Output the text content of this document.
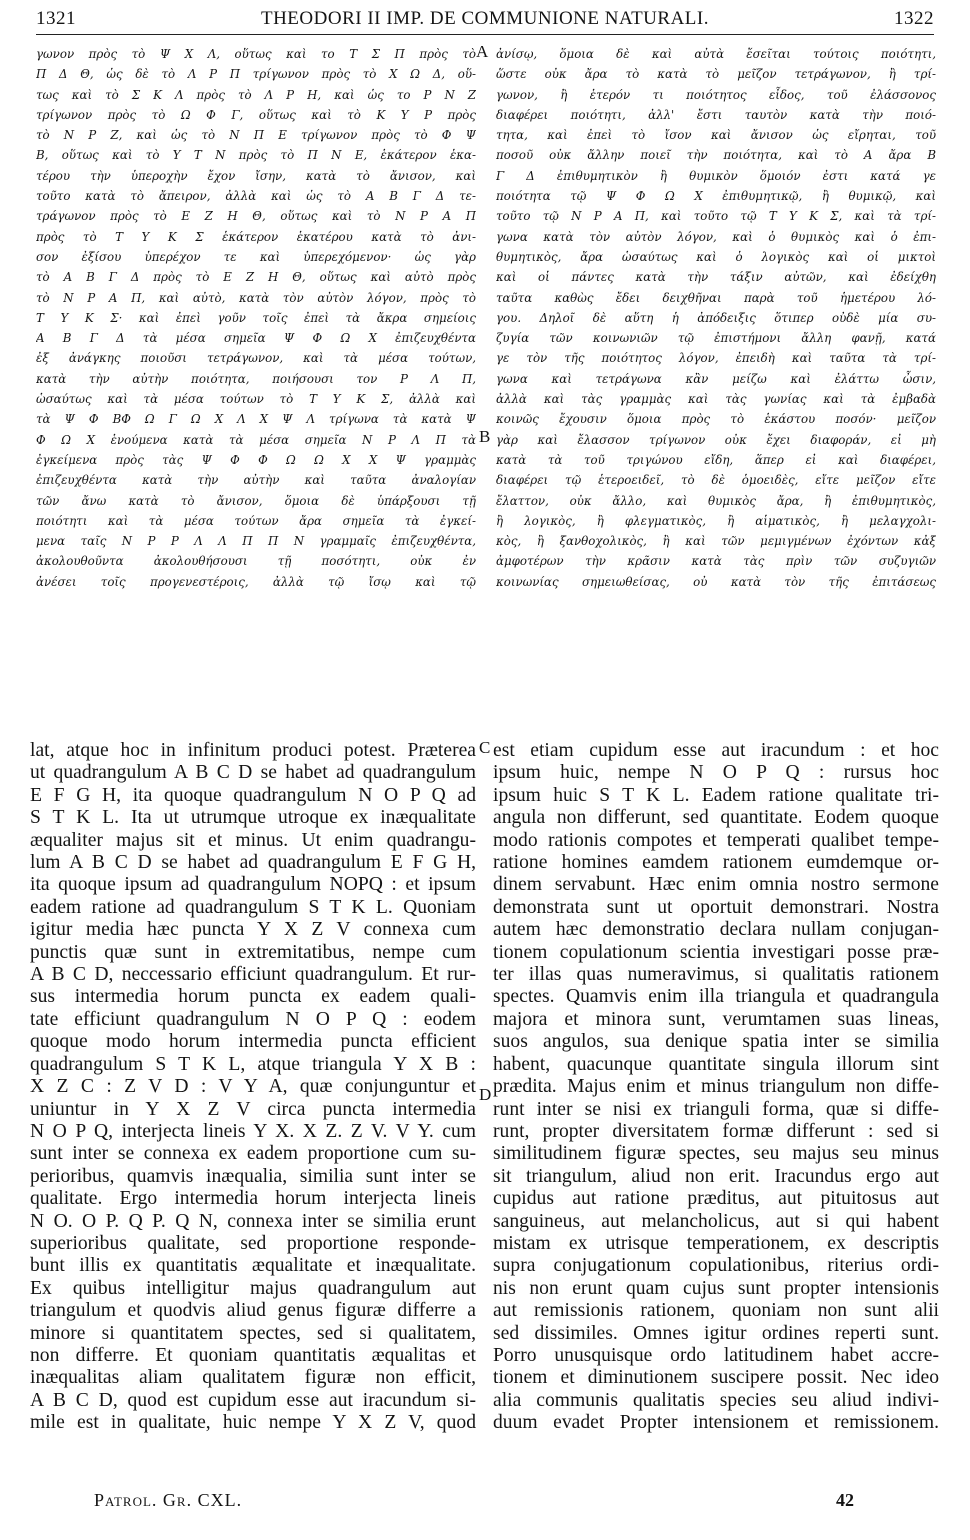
1321	THEODORI II IMP. DE COMMUNIONE NATURALI.	1322
γωνον πρὸς τὸ Ψ Χ Λ, οὕτως καὶ το Τ Σ Π πρὸς τὸ
Π Δ Θ, ὡς δὲ τὸ Λ Ρ Π τρίγωνον πρὸς τὸ Χ Ω Δ, οὕ-
τως καὶ τὸ Σ Κ Λ πρὸς τὸ Λ Ρ Η, καὶ ὡς το Ρ Ν Ζ
τρίγωνον πρὸς τὸ Ω Φ Γ, οὕτως καὶ τὸ Κ Υ Ρ πρὸς
τὸ Ν Ρ Ζ, καὶ ὡς τὸ Ν Π Ε τρίγωνον πρὸς τὸ Φ Ψ
Β, οὕτως καὶ τὸ Υ Τ Ν πρὸς τὸ Π Ν Ε, ἑκάτερον ἑκα-
τέρου τὴν ὑπεροχὴν ἔχον ἴσην, κατὰ τὸ ἄνισον, καὶ
τοῦτο κατὰ τὸ ἄπειρον, ἀλλὰ καὶ ὡς τὸ Α Β Γ Δ τε-
τράγωνον πρὸς τὸ Ε Ζ Η Θ, οὕτως καὶ τὸ Ν Ρ Α Π
πρὸς τὸ Τ Υ Κ Σ ἑκάτερον ἑκατέρου κατὰ τὸ ἀνι-
σον ἐξίσου ὑπερέχον τε καὶ ὑπερεχόμενον· ὡς γὰρ
τὸ Α Β Γ Δ πρὸς τὸ Ε Ζ Η Θ, οὕτως καὶ αὐτὸ πρὸς
τὸ Ν Ρ Α Π, καὶ αὐτὸ, κατὰ τὸν αὐτὸν λόγον, πρὸς τὸ
Τ Υ Κ Σ· καὶ ἐπεὶ γοῦν τοῖς ἐπεὶ τὰ ἄκρα σημείοις
Α Β Γ Δ τὰ μέσα σημεῖα Ψ Φ Ω Χ ἐπιζευχθέντα
ἐξ ἀνάγκης ποιοῦσι τετράγωνον, καὶ τὰ μέσα τούτων,
κατὰ τὴν αὐτὴν ποιότητα, ποιήσουσι τον Ρ Λ Π,
ὡσαύτως καὶ τὰ μέσα τούτων τὸ Τ Υ Κ Σ, ἀλλὰ καὶ
τὰ Ψ Φ ΒΦ Ω Γ Ω Χ Λ Χ Ψ Λ τρίγωνα τὰ κατὰ Ψ
Φ Ω Χ ἑνούμενα κατὰ τὰ μέσα σημεῖα Ν Ρ Λ Π τὰ
ἐγκείμενα πρὸς τὰς Ψ Φ Φ Ω Ω Χ Χ Ψ γραμμὰς
ἐπιζευχθέντα κατὰ τὴν αὐτὴν καὶ ταῦτα ἀναλογίαν
τῶν ἄνω κατὰ τὸ ἄνισον, ὅμοια δὲ ὑπάρξουσι τῇ
ποιότητι καὶ τὰ μέσα τούτων ἄρα σημεῖα τὰ ἐγκεί-
μενα ταῖς Ν Ρ Ρ Λ Λ Π Π Ν γραμμαῖς ἐπιζευχθέντα,
ἀκολουθοῦντα ἀκολουθήσουσι τῇ ποσότητι, οὐκ ἐν
ἀνέσει τοῖς προγενεστέροις, ἀλλὰ τῷ ἴσῳ καὶ τῷ
ἀνίσῳ, ὅμοια δὲ καὶ αὐτὰ ἔσεῖται τούτοις ποιότητι,
ὥστε οὐκ ἄρα τὸ κατὰ τὸ μεῖζον τετράγωνον, ἢ τρί-
γωνον, ἢ ἑτερόν τι ποιότητος εἶδος, τοῦ ἐλάσσονος
διαφέρει ποιότητι, ἀλλ' ἔστι ταυτὸν κατὰ τὴν ποιό-
τητα, καὶ ἐπεὶ τὸ ἴσον καὶ ἄνισον ὡς εἴρηται, τοῦ
ποσοῦ οὐκ ἄλλην ποιεῖ τὴν ποιότητα, καὶ τὸ Α ἄρα Β
Γ Δ ἐπιθυμητικὸν ἢ θυμικὸν ὅμοιόν ἐστι κατά γε
ποιότητα τῷ Ψ Φ Ω Χ ἐπιθυμητικῷ, ἢ θυμικῷ, καὶ
τοῦτο τῷ Ν Ρ Α Π, καὶ τοῦτο τῷ Τ Υ Κ Σ, καὶ τὰ τρί-
γωνα κατὰ τὸν αὐτὸν λόγον, καὶ ὁ θυμικὸς καὶ ὁ ἐπι-
θυμητικὸς, ἄρα ὡσαύτως καὶ ὁ λογικὸς καὶ οἱ μικτοὶ
καὶ οἱ πάντες κατὰ τὴν τάξιν αὐτῶν, καὶ ἐδείχθη
ταῦτα καθὼς ἔδει δειχθῆναι παρὰ τοῦ ἡμετέρου λό-
γου. Δηλοῖ δὲ αὕτη ἡ ἀπόδειξις ὅτιπερ οὐδὲ μία συ-
ζυγία τῶν κοινωνιῶν τῷ ἐπιστήμονι ἄλλη φανῇ, κατά
γε τὸν τῆς ποιότητος λόγον, ἐπειδὴ καὶ ταῦτα τὰ τρί-
γωνα καὶ τετράγωνα κἂν μείζω καὶ ἐλάττω ὦσιν,
ἀλλὰ καὶ τὰς γραμμὰς καὶ τὰς γωνίας καὶ τὰ ἐμβαδὰ
κοινῶς ἔχουσιν ὅμοια πρὸς τὸ ἑκάστου ποσόν· μεῖζον
γὰρ καὶ ἔλασσον τρίγωνον οὐκ ἔχει διαφοράν, εἰ μὴ
κατὰ τὰ τοῦ τριγώνου εἴδη, ἅπερ εἰ καὶ διαφέρει,
διαφέρει τῷ ἑτεροειδεῖ, τὸ δὲ ὁμοειδὲς, εἴτε μεῖζον εἴτε
ἔλαττον, οὐκ ἄλλο, καὶ θυμικὸς ἄρα, ἢ ἐπιθυμητικὸς,
ἢ λογικὸς, ἢ φλεγματικὸς, ἢ αἱματικὸς, ἢ μελαγχολι-
κὸς, ἢ ξανθοχολικὸς, ἢ καὶ τῶν μεμιγμένων ἐχόντων κἀξ
ἀμφοτέρων τὴν κρᾶσιν κατὰ τὰς πρὶν τῶν συζυγιῶν
κοινωνίας σημειωθείσας, οὐ κατὰ τὸν τῆς ἐπιτάσεως
A
B
C
D
lat, atque hoc in infinitum produci potest. Præterea
ut quadrangulum A B C D se habet ad quadrangulum
E F G H, ita quoque quadrangulum N O P Q ad
S T K L. Ita ut utrumque utroque ex inæqualitate
æqualiter majus sit et minus. Ut enim quadrangu-
lum A B C D se habet ad quadrangulum E F G H,
ita quoque ipsum ad quadrangulum NOPQ : et ipsum
eadem ratione ad quadrangulum S T K L. Quoniam
igitur media hæc puncta Y X Z V connexa cum
punctis quæ sunt in extremitatibus, nempe cum
A B C D, neccessario efficiunt quadrangulum. Et rur-
sus intermedia horum puncta ex eadem quali-
tate efficiunt quadrangulum N O P Q : eodem
quoque modo horum intermedia puncta efficient
quadrangulum S T K L, atque triangula Y X B :
X Z C : Z V D : V Y A, quæ conjunguntur et
uniuntur in Y X Z V circa puncta intermedia
N O P Q, interjecta lineis Y X. X Z. Z V. V Y. cum
sunt inter se connexa ex eadem proportione cum su-
perioribus, quamvis inæqualia, similia sunt inter se
qualitate. Ergo intermedia horum interjecta lineis
N O. O P. Q P. Q N, connexa inter se similia erunt
superioribus qualitate, sed proportione responde-
bunt illis ex quantitatis æqualitate et inæqualitate.
Ex quibus intelligitur majus quadrangulum aut
triangulum et quodvis aliud genus figuræ differre a
minore si quantitatem spectes, sed si qualitatem,
non differre. Et quoniam quantitatis æqualitas et
inæqualitas aliam qualitatem figuræ non efficit,
A B C D, quod est cupidum esse aut iracundum si-
mile est in qualitate, huic nempe Y X Z V, quod
est etiam cupidum esse aut iracundum : et hoc
ipsum huic, nempe N O P Q : rursus hoc
ipsum huic S T K L. Eadem ratione qualitate tri-
angula non differunt, sed quantitate. Eodem quoque
modo rationis compotes et temperati qualibet tempe-
ratione homines eamdem rationem eumdemque or-
dinem servabunt. Hæc enim omnia nostro sermone
demonstrata sunt ut oportuit demonstrari. Nostra
autem hæc demonstratio declara nullam conjugan-
tionem copulationum scientia investigari posse præ-
ter illas quas numeravimus, si qualitatis rationem
spectes. Quamvis enim illa triangula et quadrangula
majora et minora sunt, verumtamen suas lineas,
suos angulos, sua denique spatia inter se similia
habent, quacunque quantitate singula illorum sint
prædita. Majus enim et minus triangulum non diffe-
runt inter se nisi ex trianguli forma, quæ si diffe-
runt, propter diversitatem formæ differunt : sed si
similitudinem figuræ spectes, seu majus seu minus
sit triangulum, aliud non erit. Iracundus ergo aut
cupidus aut ratione præditus, aut pituitosus aut
sanguineus, aut melancholicus, aut si qui habent
mistam ex utrisque temperationem, ex descriptis
supra conjugationum copulationibus, riterius ordi-
nis non erunt quam cujus sunt propter intensionis
aut remissionis rationem, quoniam non sunt alii
sed dissimiles. Omnes igitur ordines reperti sunt.
Porro unusquisque ordo latitudinem habet accre-
tionem et diminutionem suscipere possit. Nec ideo
alia communis qualitatis species seu aliud indivi-
duum evadet Propter intensionem et remissionem.
Patrol. Gr. CXL.	42
